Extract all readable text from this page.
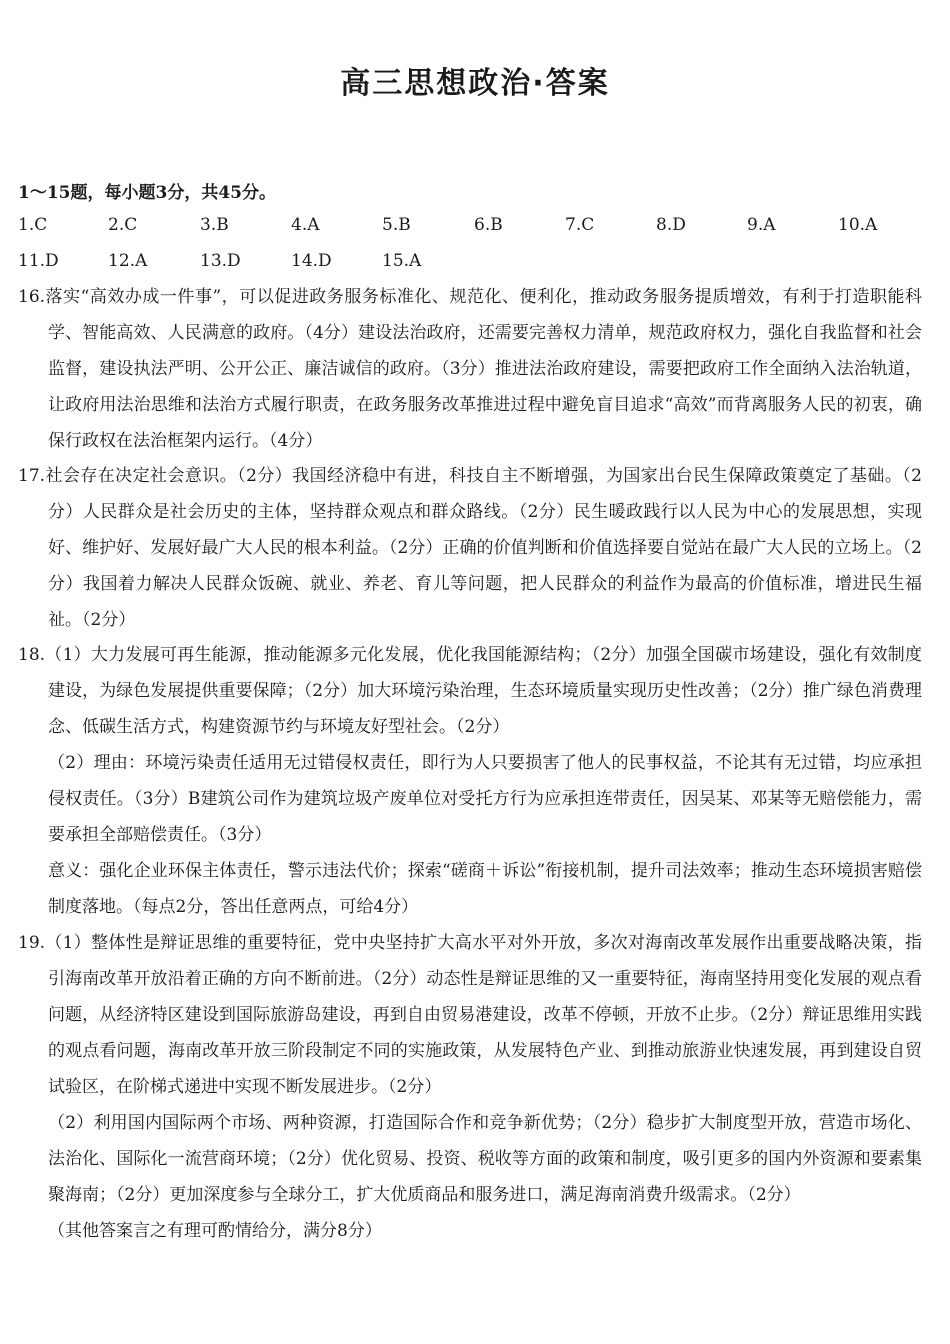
高三思想政治·答案
1～15题，每小题3分，共45分。
1.C	2.C	3.B	4.A	5.B	6.B	7.C	8.D	9.A	10.A
11.D	12.A	13.D	14.D	15.A
16.落实“高效办成一件事”，可以促进政务服务标准化、规范化、便利化，推动政务服务提质增效，有利于打造职能科学、智能高效、人民满意的政府。（4分）建设法治政府，还需要完善权力清单，规范政府权力，强化自我监督和社会监督，建设执法严明、公开公正、廉洁诚信的政府。（3分）推进法治政府建设，需要把政府工作全面纳入法治轨道，让政府用法治思维和法治方式履行职责，在政务服务改革推进过程中避免盲目追求“高效”而背离服务人民的初衷，确保行政权在法治框架内运行。（4分）
17.社会存在决定社会意识。（2分）我国经济稳中有进，科技自主不断增强，为国家出台民生保障政策奠定了基础。（2分）人民群众是社会历史的主体，坚持群众观点和群众路线。（2分）民生暖政践行以人民为中心的发展思想，实现好、维护好、发展好最广大人民的根本利益。（2分）正确的价值判断和价值选择要自觉站在最广大人民的立场上。（2分）我国着力解决人民群众饭碗、就业、养老、育儿等问题，把人民群众的利益作为最高的价值标准，增进民生福祉。（2分）
18.（1）大力发展可再生能源，推动能源多元化发展，优化我国能源结构；（2分）加强全国碳市场建设，强化有效制度建设，为绿色发展提供重要保障；（2分）加大环境污染治理，生态环境质量实现历史性改善；（2分）推广绿色消费理念、低碳生活方式，构建资源节约与环境友好型社会。（2分）
（2）理由：环境污染责任适用无过错侵权责任，即行为人只要损害了他人的民事权益，不论其有无过错，均应承担侵权责任。（3分）B建筑公司作为建筑垃圾产废单位对受托方行为应承担连带责任，因吴某、邓某等无赔偿能力，需要承担全部赔偿责任。（3分）
意义：强化企业环保主体责任，警示违法代价；探索“磋商＋诉讼”衔接机制，提升司法效率；推动生态环境损害赔偿制度落地。（每点2分，答出任意两点，可给4分）
19.（1）整体性是辩证思维的重要特征，党中央坚持扩大高水平对外开放，多次对海南改革发展作出重要战略决策，指引海南改革开放沿着正确的方向不断前进。（2分）动态性是辩证思维的又一重要特征，海南坚持用变化发展的观点看问题，从经济特区建设到国际旅游岛建设，再到自由贸易港建设，改革不停顿，开放不止步。（2分）辩证思维用实践的观点看问题，海南改革开放三阶段制定不同的实施政策，从发展特色产业、到推动旅游业快速发展，再到建设自贸试验区，在阶梯式递进中实现不断发展进步。（2分）
（2）利用国内国际两个市场、两种资源，打造国际合作和竞争新优势；（2分）稳步扩大制度型开放，营造市场化、法治化、国际化一流营商环境；（2分）优化贸易、投资、税收等方面的政策和制度，吸引更多的国内外资源和要素集聚海南；（2分）更加深度参与全球分工，扩大优质商品和服务进口，满足海南消费升级需求。（2分）
（其他答案言之有理可酌情给分，满分8分）
